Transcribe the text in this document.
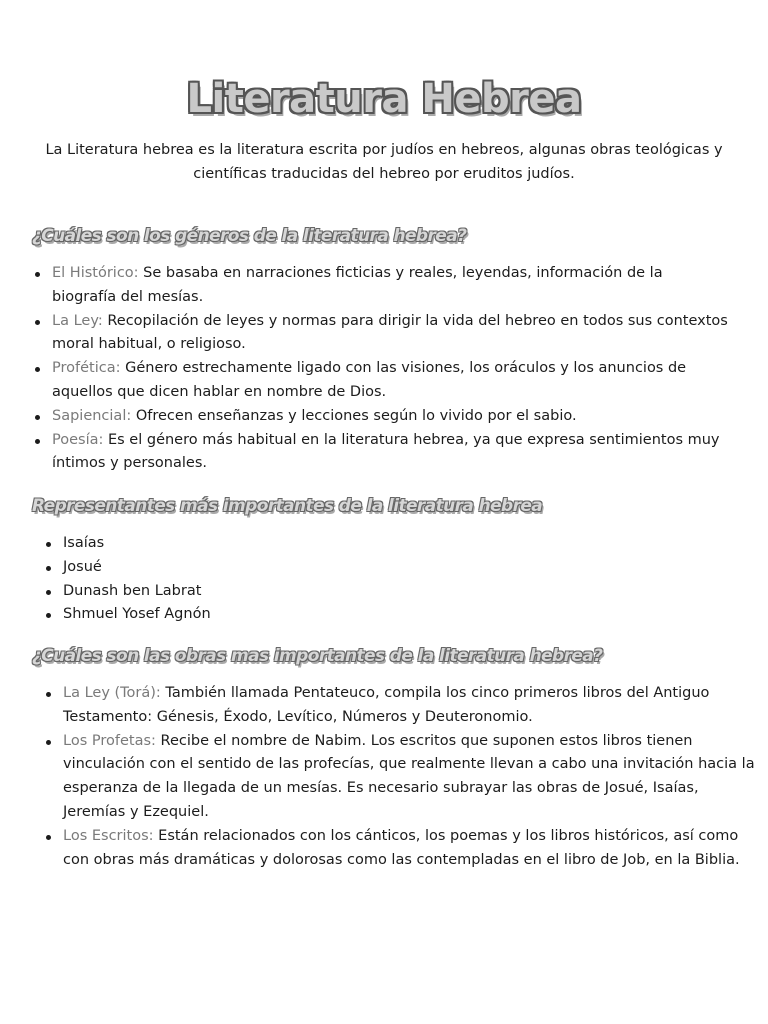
Literatura Hebrea

La Literatura hebrea es la literatura escrita por judíos en hebreos, algunas obras teológicas y científicas traducidas del hebreo por eruditos judíos.

¿Cuáles son los géneros de la literatura hebrea?
El Histórico: Se basaba en narraciones ficticias y reales, leyendas, información de la biografía del mesías.
La Ley: Recopilación de leyes y normas para dirigir la vida del hebreo en todos sus contextos moral habitual, o religioso.
Profética: Género estrechamente ligado con las visiones, los oráculos y los anuncios de aquellos que dicen hablar en nombre de Dios.
Sapiencial: Ofrecen enseñanzas y lecciones según lo vivido por el sabio.
Poesía: Es el género más habitual en la literatura hebrea, ya que expresa sentimientos muy íntimos y personales.
Representantes más importantes de la literatura hebrea
Isaías
Josué
Dunash ben Labrat
Shmuel Yosef Agnón
¿Cuáles son las obras mas importantes de la literatura hebrea?
La Ley (Torá): También llamada Pentateuco, compila los cinco primeros libros del Antiguo Testamento: Génesis, Éxodo, Levítico, Números y Deuteronomio.
Los Profetas: Recibe el nombre de Nabim. Los escritos que suponen estos libros tienen vinculación con el sentido de las profecías, que realmente llevan a cabo una invitación hacia la esperanza de la llegada de un mesías. Es necesario subrayar las obras de Josué, Isaías, Jeremías y Ezequiel.
Los Escritos: Están relacionados con los cánticos, los poemas y los libros históricos, así como con obras más dramáticas y dolorosas como las contempladas en el libro de Job, en la Biblia.
